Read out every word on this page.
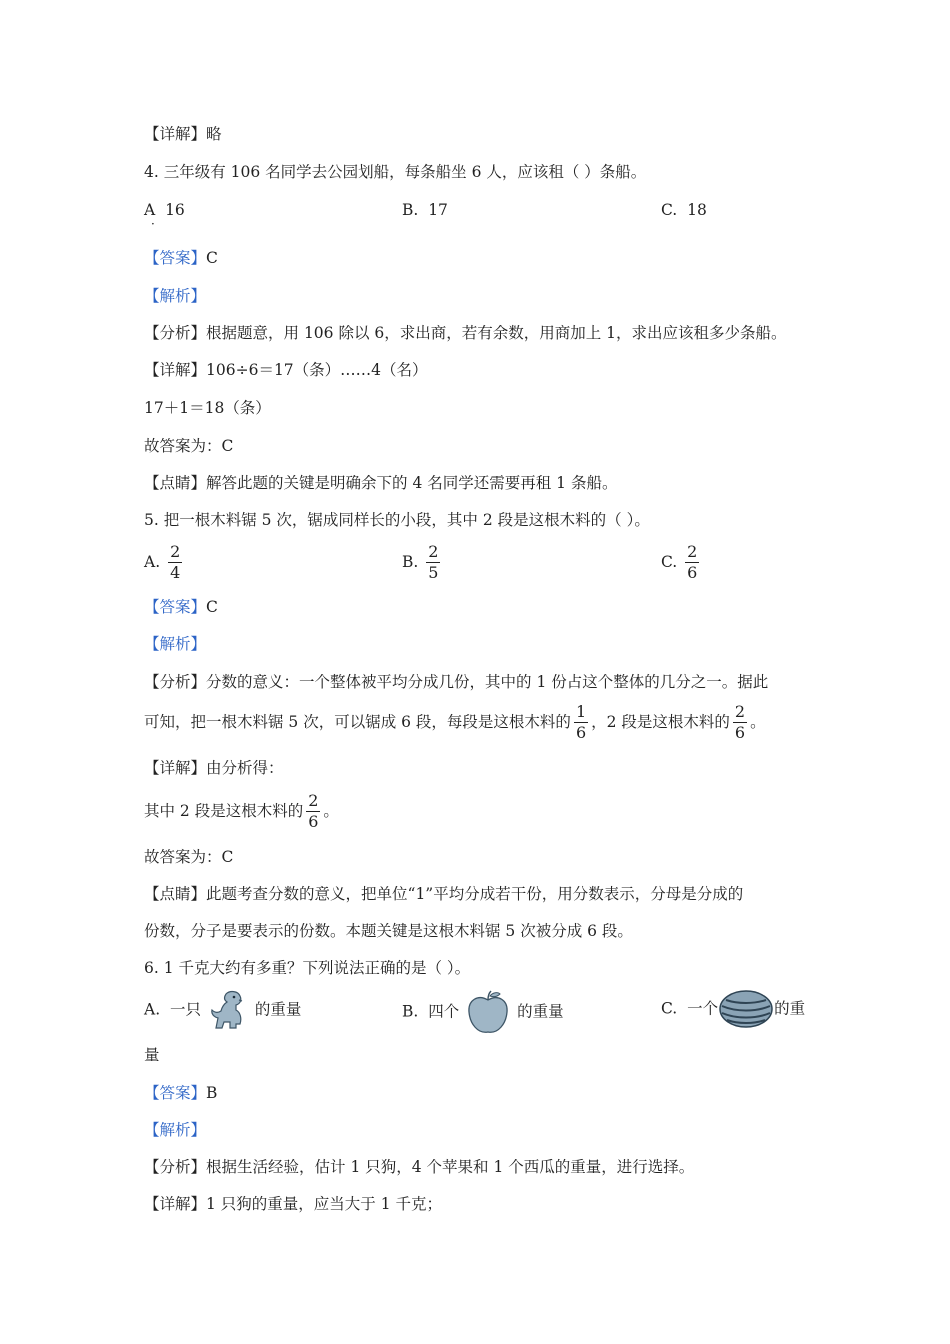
【详解】略
4. 三年级有 106 名同学去公园划船，每条船坐 6 人，应该租（ ）条船。
A 16
·
B. 17	C. 18
【答案】C
【解析】
【分析】根据题意，用 106 除以 6，求出商，若有余数，用商加上 1，求出应该租多少条船。
【详解】106÷6＝17（条）……4（名）
17＋1＝18（条）
故答案为：C
【点睛】解答此题的关键是明确余下的 4 名同学还需要再租 1 条船。
5. 把一根木料锯 5 次，锯成同样长的小段，其中 2 段是这根木料的（ ）。
A. $\frac{2}{4}$	B. $\frac{2}{5}$	C. $\frac{2}{6}$
【答案】C
【解析】
【分析】分数的意义：一个整体被平均分成几份，其中的 1 份占这个整体的几分之一。据此
可知，把一根木料锯 5 次，可以锯成 6 段，每段是这根木料的 $\frac{1}{6}$ ，2 段是这根木料的 $\frac{2}{6}$ 。
【详解】由分析得：
其中 2 段是这根木料的 $\frac{2}{6}$ 。
故答案为：C
【点睛】此题考查分数的意义，把单位“1”平均分成若干份，用分数表示，分母是分成的
份数，分子是要表示的份数。本题关键是这根木料锯 5 次被分成 6 段。
6. 1 千克大约有多重？下列说法正确的是（ ）。
A. 一只	的重量	B. 四个	的重量	C. 一个	的重
量
【答案】B
【解析】
【分析】根据生活经验，估计 1 只狗，4 个苹果和 1 个西瓜的重量，进行选择。
【详解】1 只狗的重量，应当大于 1 千克；
